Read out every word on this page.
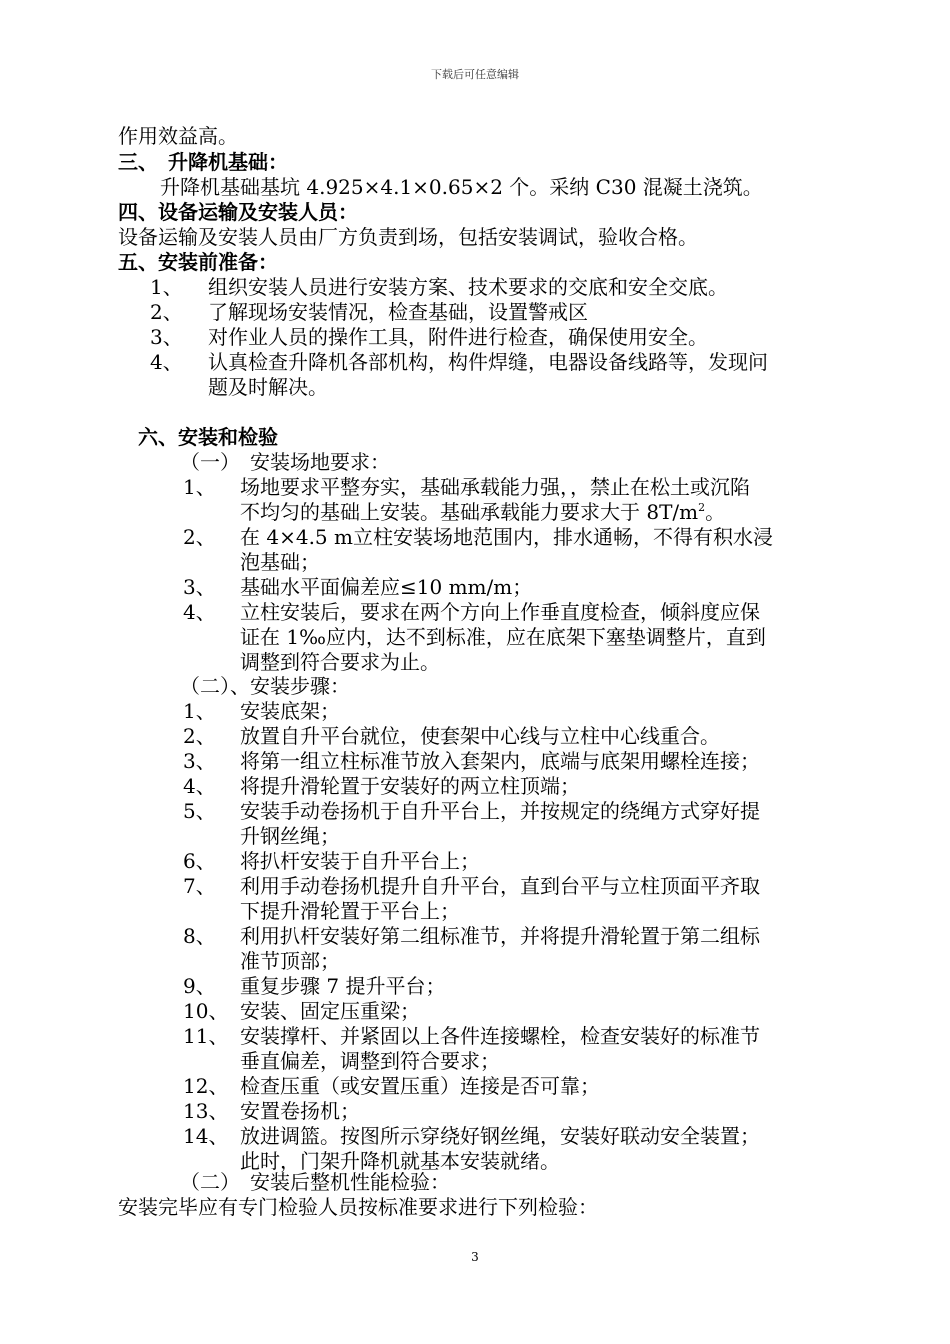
下载后可任意编辑
作用效益高。
三、　升降机基础：
升降机基础基坑 4.925×4.1×0.65×2 个。采纳 C30 混凝土浇筑。
四、设备运输及安装人员：
设备运输及安装人员由厂方负责到场，包括安装调试，验收合格。
五、安装前准备：
1、 组织安装人员进行安装方案、技术要求的交底和安全交底。
2、 了解现场安装情况，检查基础，设置警戒区
3、 对作业人员的操作工具，附件进行检查，确保使用安全。
4、 认真检查升降机各部机构，构件焊缝，电器设备线路等，发现问
题及时解决。
六、安装和检验
（一）　安装场地要求：
1、 场地要求平整夯实，基础承载能力强，，禁止在松土或沉陷
不均匀的基础上安装。基础承载能力要求大于 $8T/m^2$。
2、 在 4×4.5 m立柱安装场地范围内，排水通畅，不得有积水浸
泡基础；
3、 基础水平面偏差应≤10 mm/m；
4、 立柱安装后，要求在两个方向上作垂直度检查，倾斜度应保
证在 1‰应内，达不到标准，应在底架下塞垫调整片，直到
调整到符合要求为止。
（二）、安装步骤：
1、 安装底架；
2、 放置自升平台就位，使套架中心线与立柱中心线重合。
3、 将第一组立柱标准节放入套架内，底端与底架用螺栓连接；
4、 将提升滑轮置于安装好的两立柱顶端；
5、 安装手动卷扬机于自升平台上，并按规定的绕绳方式穿好提
升钢丝绳；
6、 将扒杆安装于自升平台上；
7、 利用手动卷扬机提升自升平台，直到台平与立柱顶面平齐取
下提升滑轮置于平台上；
8、 利用扒杆安装好第二组标准节，并将提升滑轮置于第二组标
准节顶部；
9、 重复步骤 7 提升平台；
10、 安装、固定压重梁；
11、 安装撑杆、并紧固以上各件连接螺栓，检查安装好的标准节
垂直偏差，调整到符合要求；
12、 检查压重（或安置压重）连接是否可靠；
13、 安置卷扬机；
14、 放进调篮。按图所示穿绕好钢丝绳，安装好联动安全装置；
此时，门架升降机就基本安装就绪。
（二）　安装后整机性能检验：
安装完毕应有专门检验人员按标准要求进行下列检验：
3
